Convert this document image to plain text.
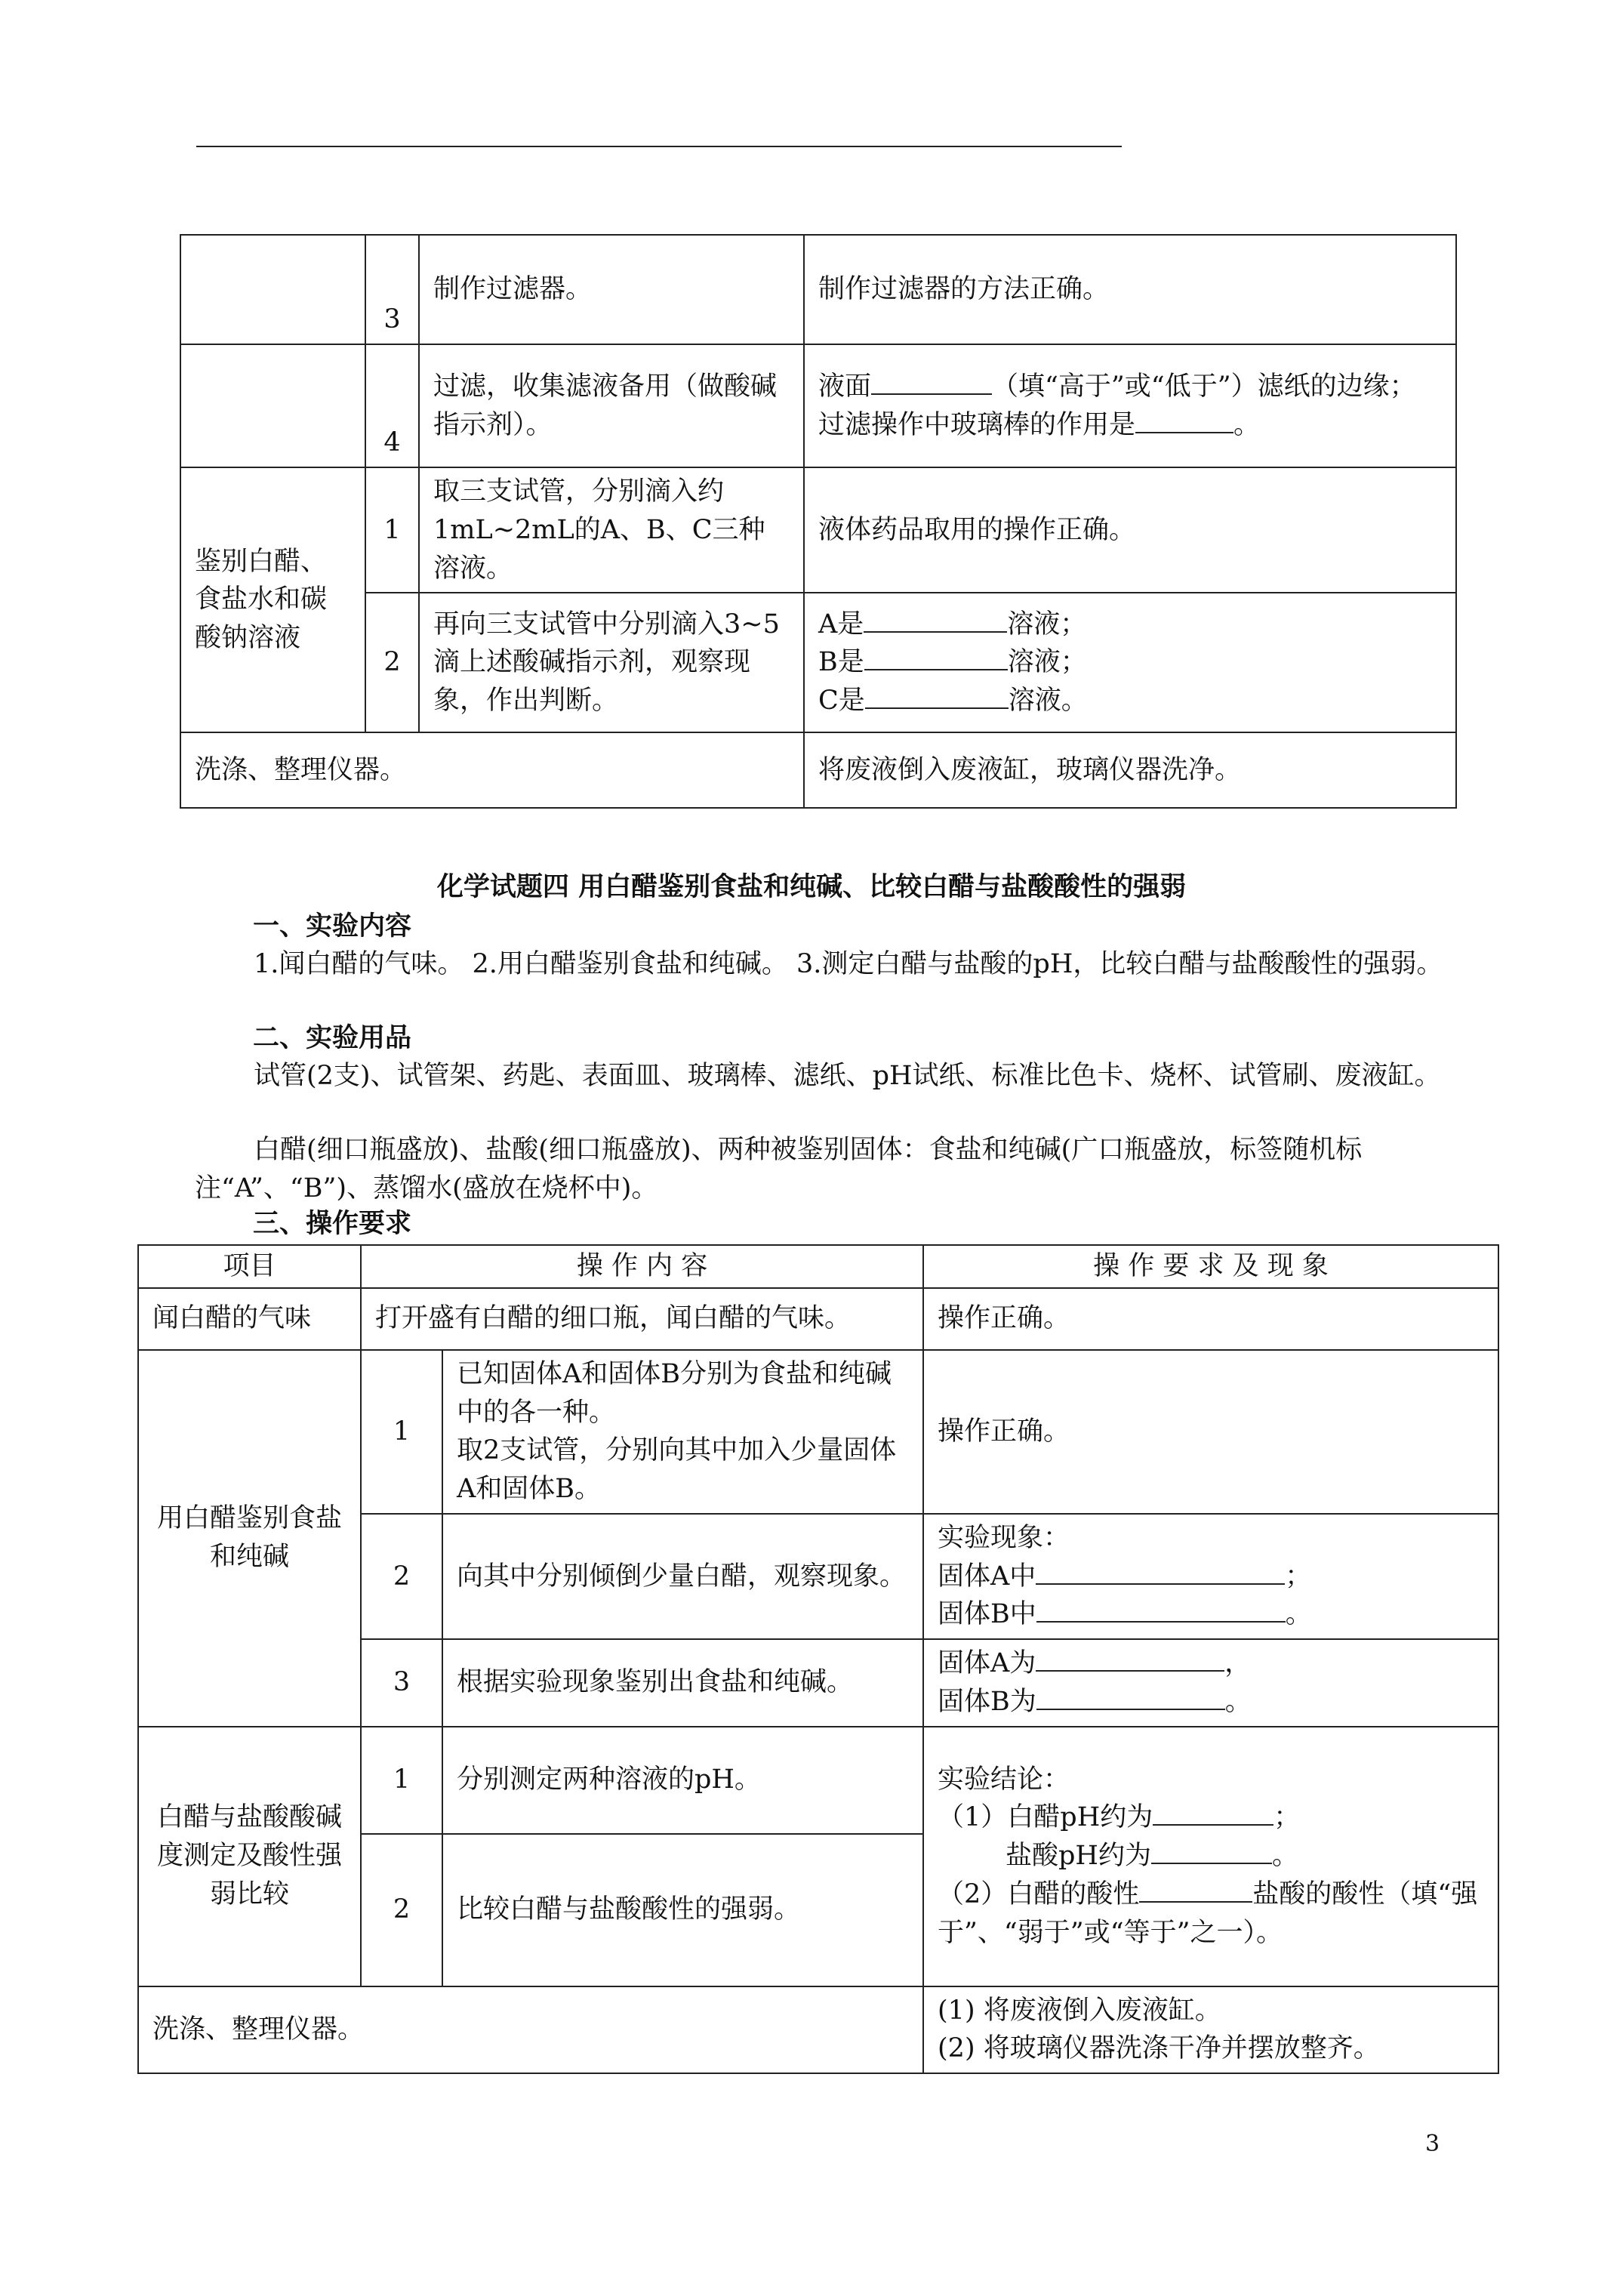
	3	制作过滤器。	制作过滤器的方法正确。
	4	过滤，收集滤液备用（做酸碱指示剂）。	液面 （填“高于”或“低于”）滤纸的边缘；
过滤操作中玻璃棒的作用是 。

鉴别白醋、食盐水和碳酸钠溶液	1	取三支试管，分别滴入约1mL~2mL的A、B、C三种溶液。	液体药品取用的操作正确。
	2	再向三支试管中分别滴入3~5滴上述酸碱指示剂，观察现象，作出判断。	A是 溶液；
B是 溶液；
C是 溶液。

洗涤、整理仪器。			将废液倒入废液缸，玻璃仪器洗净。
化学试题四 用白醋鉴别食盐和纯碱、比较白醋与盐酸酸性的强弱
一、实验内容
1.闻白醋的气味。 2.用白醋鉴别食盐和纯碱。 3.测定白醋与盐酸的pH，比较白醋与盐酸酸性的强弱。
二、实验用品
试管(2支)、试管架、药匙、表面皿、玻璃棒、滤纸、pH试纸、标准比色卡、烧杯、试管刷、废液缸。
白醋(细口瓶盛放)、盐酸(细口瓶盛放)、两种被鉴别固体：食盐和纯碱(广口瓶盛放，标签随机标注“A”、“B”)、蒸馏水(盛放在烧杯中)。
三、操作要求
项目	操 作 内 容		操 作 要 求 及 现 象
闻白醋的气味	打开盛有白醋的细口瓶，闻白醋的气味。		操作正确。
用白醋鉴别食盐和纯碱	1	已知固体A和固体B分别为食盐和纯碱中的各一种。
取2支试管，分别向其中加入少量固体A和固体B。	操作正确。
	2	向其中分别倾倒少量白醋，观察现象。	实验现象：
固体A中 ；
固体B中 。

	3	根据实验现象鉴别出食盐和纯碱。	固体A为 ，
固体B为 。

白醋与盐酸酸碱度测定及酸性强弱比较	1	分别测定两种溶液的pH。	实验结论：
（1）白醋pH约为 ；
盐酸pH约为 。
（2）白醋的酸性 盐酸的酸性（填“强于”、“弱于”或“等于”之一）。

	2	比较白醋与盐酸酸性的强弱。	
洗涤、整理仪器。			(1) 将废液倒入废液缸。
(2) 将玻璃仪器洗涤干净并摆放整齐。
3
